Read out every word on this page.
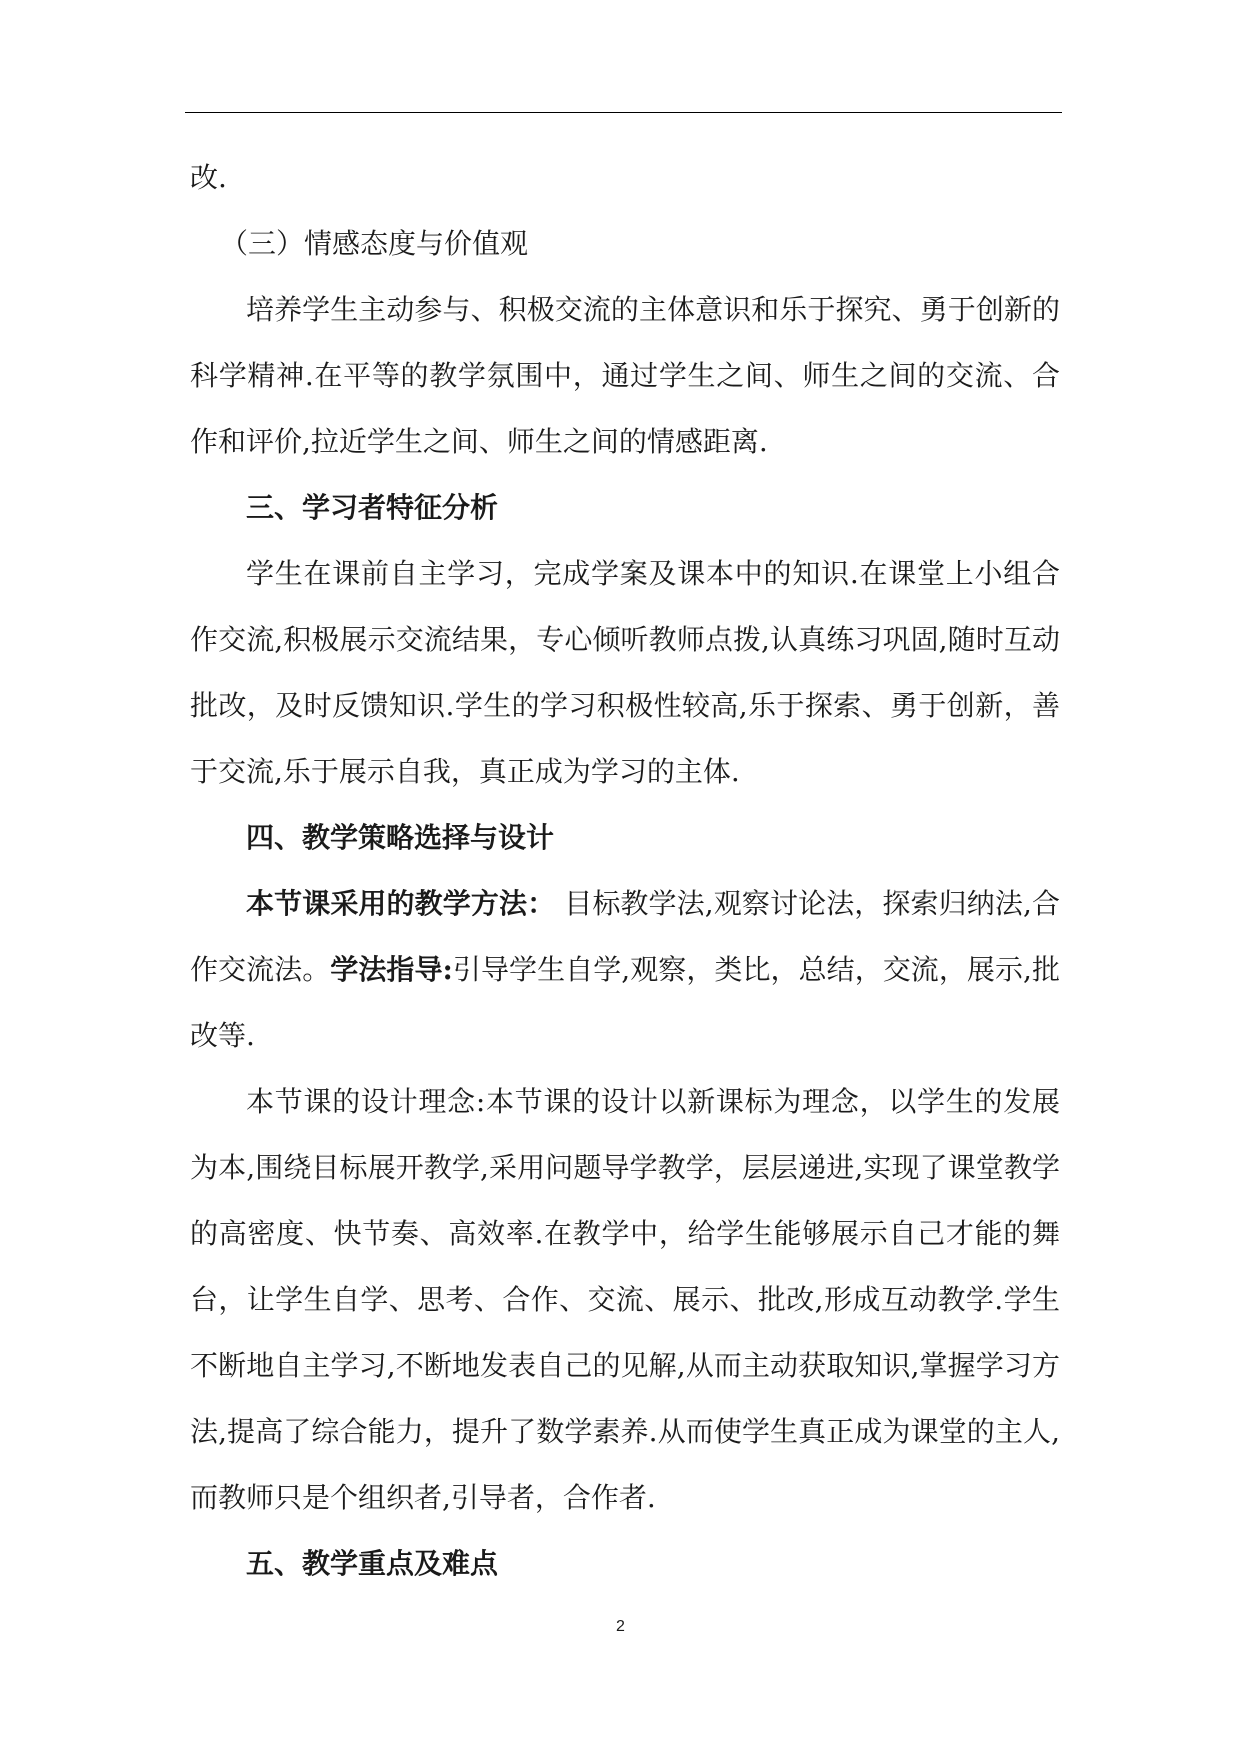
改.

（三）情感态度与价值观

培养学生主动参与、积极交流的主体意识和乐于探究、勇于创新的科学精神.在平等的教学氛围中，通过学生之间、师生之间的交流、合作和评价,拉近学生之间、师生之间的情感距离.

三、学习者特征分析

学生在课前自主学习，完成学案及课本中的知识.在课堂上小组合作交流,积极展示交流结果，专心倾听教师点拨,认真练习巩固,随时互动批改，及时反馈知识.学生的学习积极性较高,乐于探索、勇于创新，善于交流,乐于展示自我，真正成为学习的主体.

四、教学策略选择与设计

本节课采用的教学方法： 目标教学法,观察讨论法，探索归纳法,合作交流法。学法指导:引导学生自学,观察，类比，总结，交流，展示,批改等.

本节课的设计理念:本节课的设计以新课标为理念，以学生的发展为本,围绕目标展开教学,采用问题导学教学，层层递进,实现了课堂教学的高密度、快节奏、高效率.在教学中，给学生能够展示自己才能的舞台，让学生自学、思考、合作、交流、展示、批改,形成互动教学.学生不断地自主学习,不断地发表自己的见解,从而主动获取知识,掌握学习方法,提高了综合能力，提升了数学素养.从而使学生真正成为课堂的主人,而教师只是个组织者,引导者，合作者.

五、教学重点及难点

2
